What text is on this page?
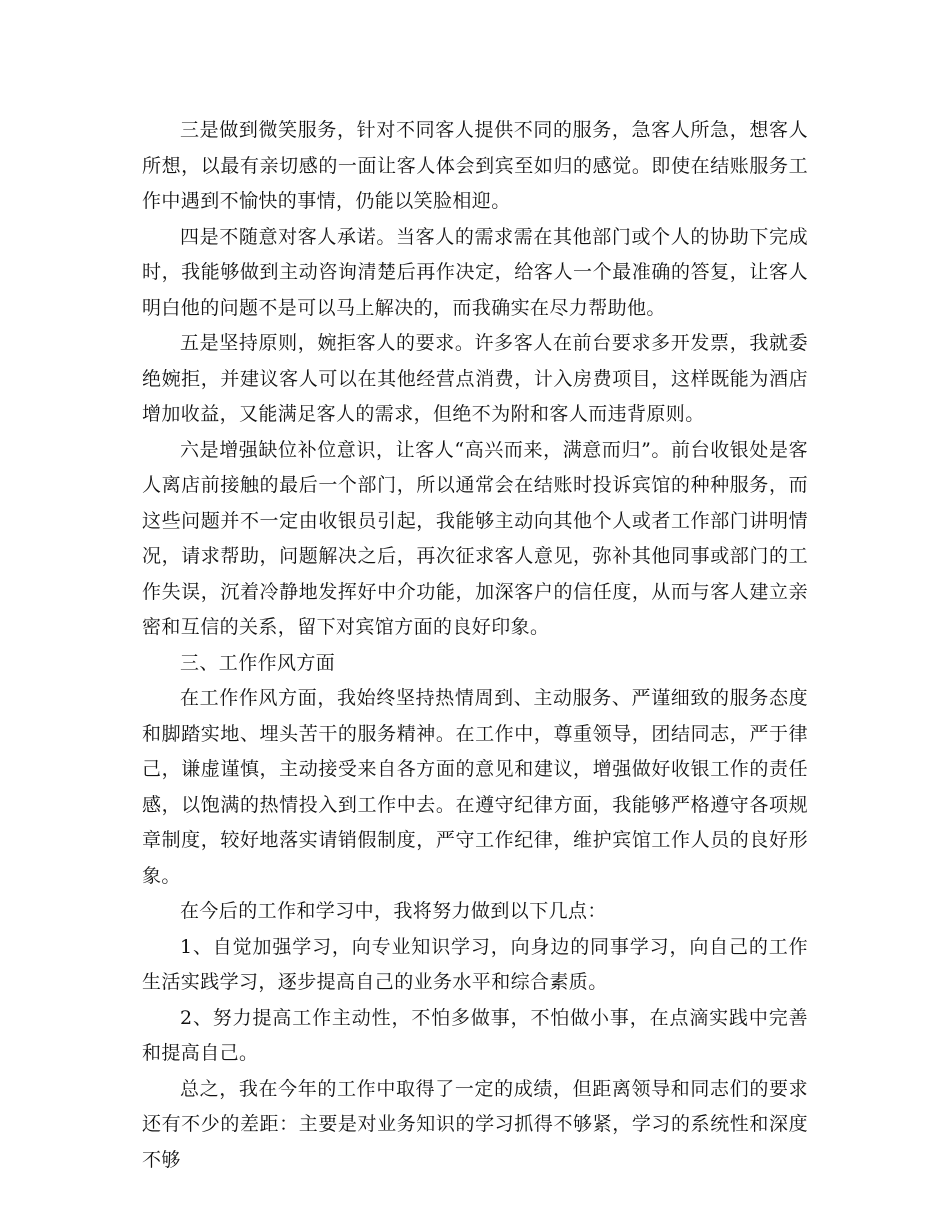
三是做到微笑服务，针对不同客人提供不同的服务，急客人所急，想客人所想，以最有亲切感的一面让客人体会到宾至如归的感觉。即使在结账服务工作中遇到不愉快的事情，仍能以笑脸相迎。

四是不随意对客人承诺。当客人的需求需在其他部门或个人的协助下完成时，我能够做到主动咨询清楚后再作决定，给客人一个最准确的答复，让客人明白他的问题不是可以马上解决的，而我确实在尽力帮助他。

五是坚持原则，婉拒客人的要求。许多客人在前台要求多开发票，我就委绝婉拒，并建议客人可以在其他经营点消费，计入房费项目，这样既能为酒店增加收益，又能满足客人的需求，但绝不为附和客人而违背原则。

六是增强缺位补位意识，让客人“高兴而来，满意而归”。前台收银处是客人离店前接触的最后一个部门，所以通常会在结账时投诉宾馆的种种服务，而这些问题并不一定由收银员引起，我能够主动向其他个人或者工作部门讲明情况，请求帮助，问题解决之后，再次征求客人意见，弥补其他同事或部门的工作失误，沉着冷静地发挥好中介功能，加深客户的信任度，从而与客人建立亲密和互信的关系，留下对宾馆方面的良好印象。

三、工作作风方面

在工作作风方面，我始终坚持热情周到、主动服务、严谨细致的服务态度和脚踏实地、埋头苦干的服务精神。在工作中，尊重领导，团结同志，严于律己，谦虚谨慎，主动接受来自各方面的意见和建议，增强做好收银工作的责任感，以饱满的热情投入到工作中去。在遵守纪律方面，我能够严格遵守各项规章制度，较好地落实请销假制度，严守工作纪律，维护宾馆工作人员的良好形象。

在今后的工作和学习中，我将努力做到以下几点：

1、自觉加强学习，向专业知识学习，向身边的同事学习，向自己的工作生活实践学习，逐步提高自己的业务水平和综合素质。

2、努力提高工作主动性，不怕多做事，不怕做小事，在点滴实践中完善和提高自己。

总之，我在今年的工作中取得了一定的成绩，但距离领导和同志们的要求还有不少的差距：主要是对业务知识的学习抓得不够紧，学习的系统性和深度不够
